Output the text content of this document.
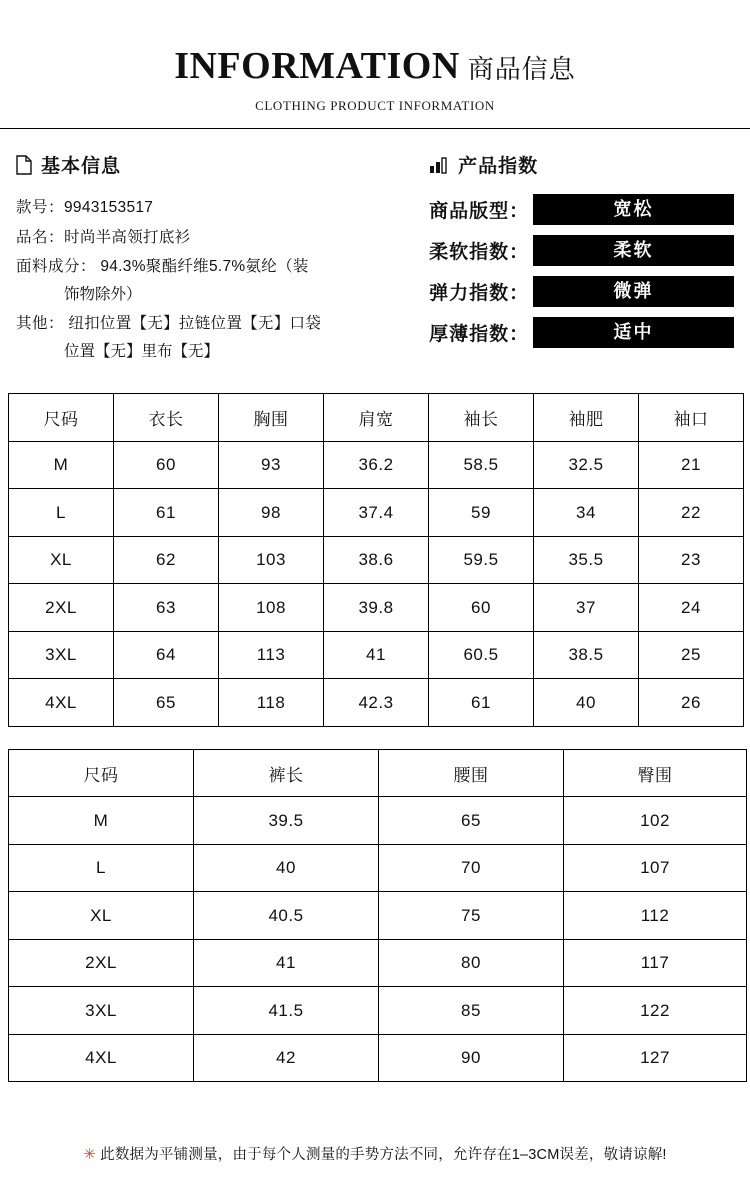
INFORMATION 商品信息
CLOTHING PRODUCT INFORMATION
基本信息
款号： 9943153517
品名： 时尚半高领打底衫
面料成分： 94.3%聚酯纤维5.7%氨纶（装
饰物除外）
其他： 纽扣位置【无】拉链位置【无】口袋
位置【无】里布【无】
产品指数
商品版型：	宽松
柔软指数：	柔软
弹力指数：	微弹
厚薄指数：	适中
尺码	衣长	胸围	肩宽	袖长	袖肥	袖口
M	60	93	36.2	58.5	32.5	21
L	61	98	37.4	59	34	22
XL	62	103	38.6	59.5	35.5	23
2XL	63	108	39.8	60	37	24
3XL	64	113	41	60.5	38.5	25
4XL	65	118	42.3	61	40	26
尺码	裤长	腰围	臀围
M	39.5	65	102
L	40	70	107
XL	40.5	75	112
2XL	41	80	117
3XL	41.5	85	122
4XL	42	90	127
✳ 此数据为平铺测量，由于每个人测量的手势方法不同，允许存在1–3CM误差，敬请谅解!
